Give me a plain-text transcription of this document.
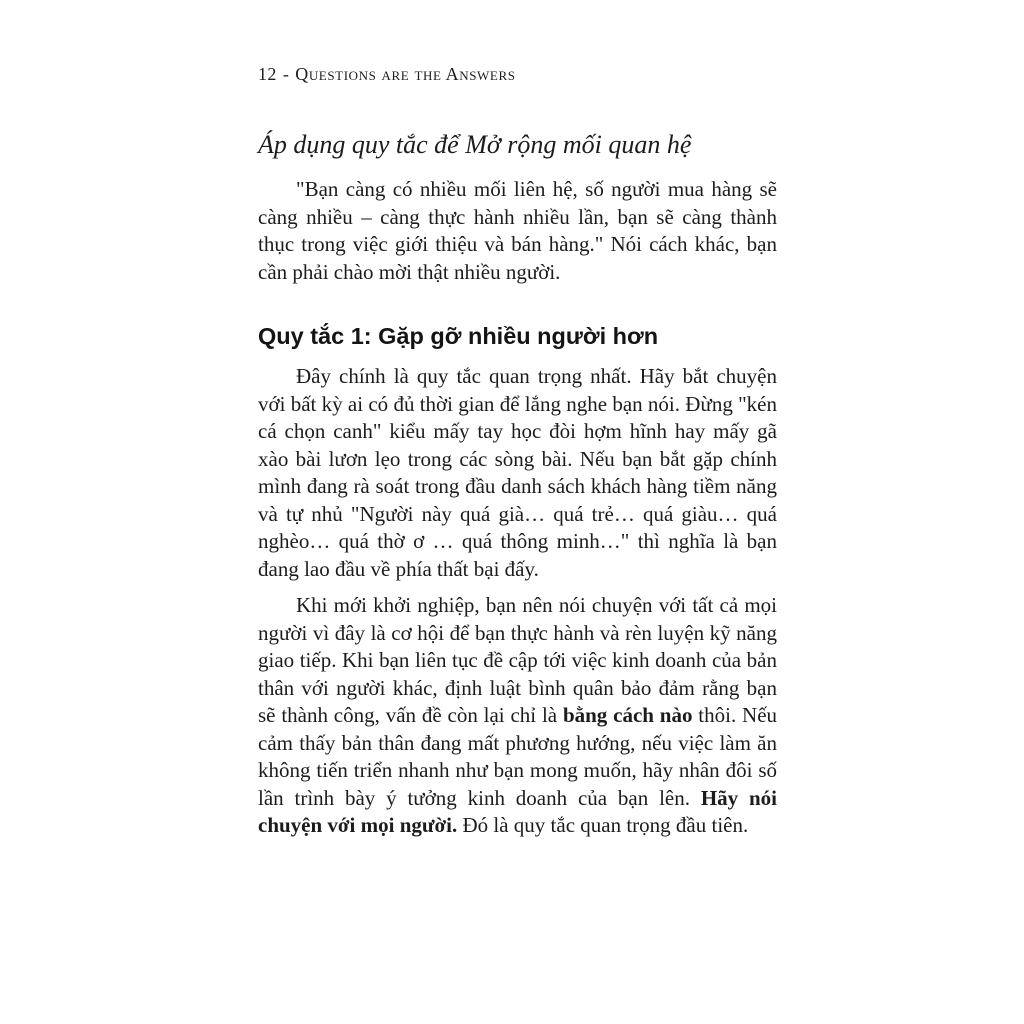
12 - Questions are the Answers
Áp dụng quy tắc để Mở rộng mối quan hệ

"Bạn càng có nhiều mối liên hệ, số người mua hàng sẽ càng nhiều – càng thực hành nhiều lần, bạn sẽ càng thành thục trong việc giới thiệu và bán hàng." Nói cách khác, bạn cần phải chào mời thật nhiều người.

Quy tắc 1: Gặp gỡ nhiều người hơn

Đây chính là quy tắc quan trọng nhất. Hãy bắt chuyện với bất kỳ ai có đủ thời gian để lắng nghe bạn nói. Đừng "kén cá chọn canh" kiểu mấy tay học đòi hợm hĩnh hay mấy gã xào bài lươn lẹo trong các sòng bài. Nếu bạn bắt gặp chính mình đang rà soát trong đầu danh sách khách hàng tiềm năng và tự nhủ "Người này quá già… quá trẻ… quá giàu… quá nghèo… quá thờ ơ … quá thông minh…" thì nghĩa là bạn đang lao đầu về phía thất bại đấy.

Khi mới khởi nghiệp, bạn nên nói chuyện với tất cả mọi người vì đây là cơ hội để bạn thực hành và rèn luyện kỹ năng giao tiếp. Khi bạn liên tục đề cập tới việc kinh doanh của bản thân với người khác, định luật bình quân bảo đảm rằng bạn sẽ thành công, vấn đề còn lại chỉ là bằng cách nào thôi. Nếu cảm thấy bản thân đang mất phương hướng, nếu việc làm ăn không tiến triển nhanh như bạn mong muốn, hãy nhân đôi số lần trình bày ý tưởng kinh doanh của bạn lên. Hãy nói chuyện với mọi người. Đó là quy tắc quan trọng đầu tiên.
